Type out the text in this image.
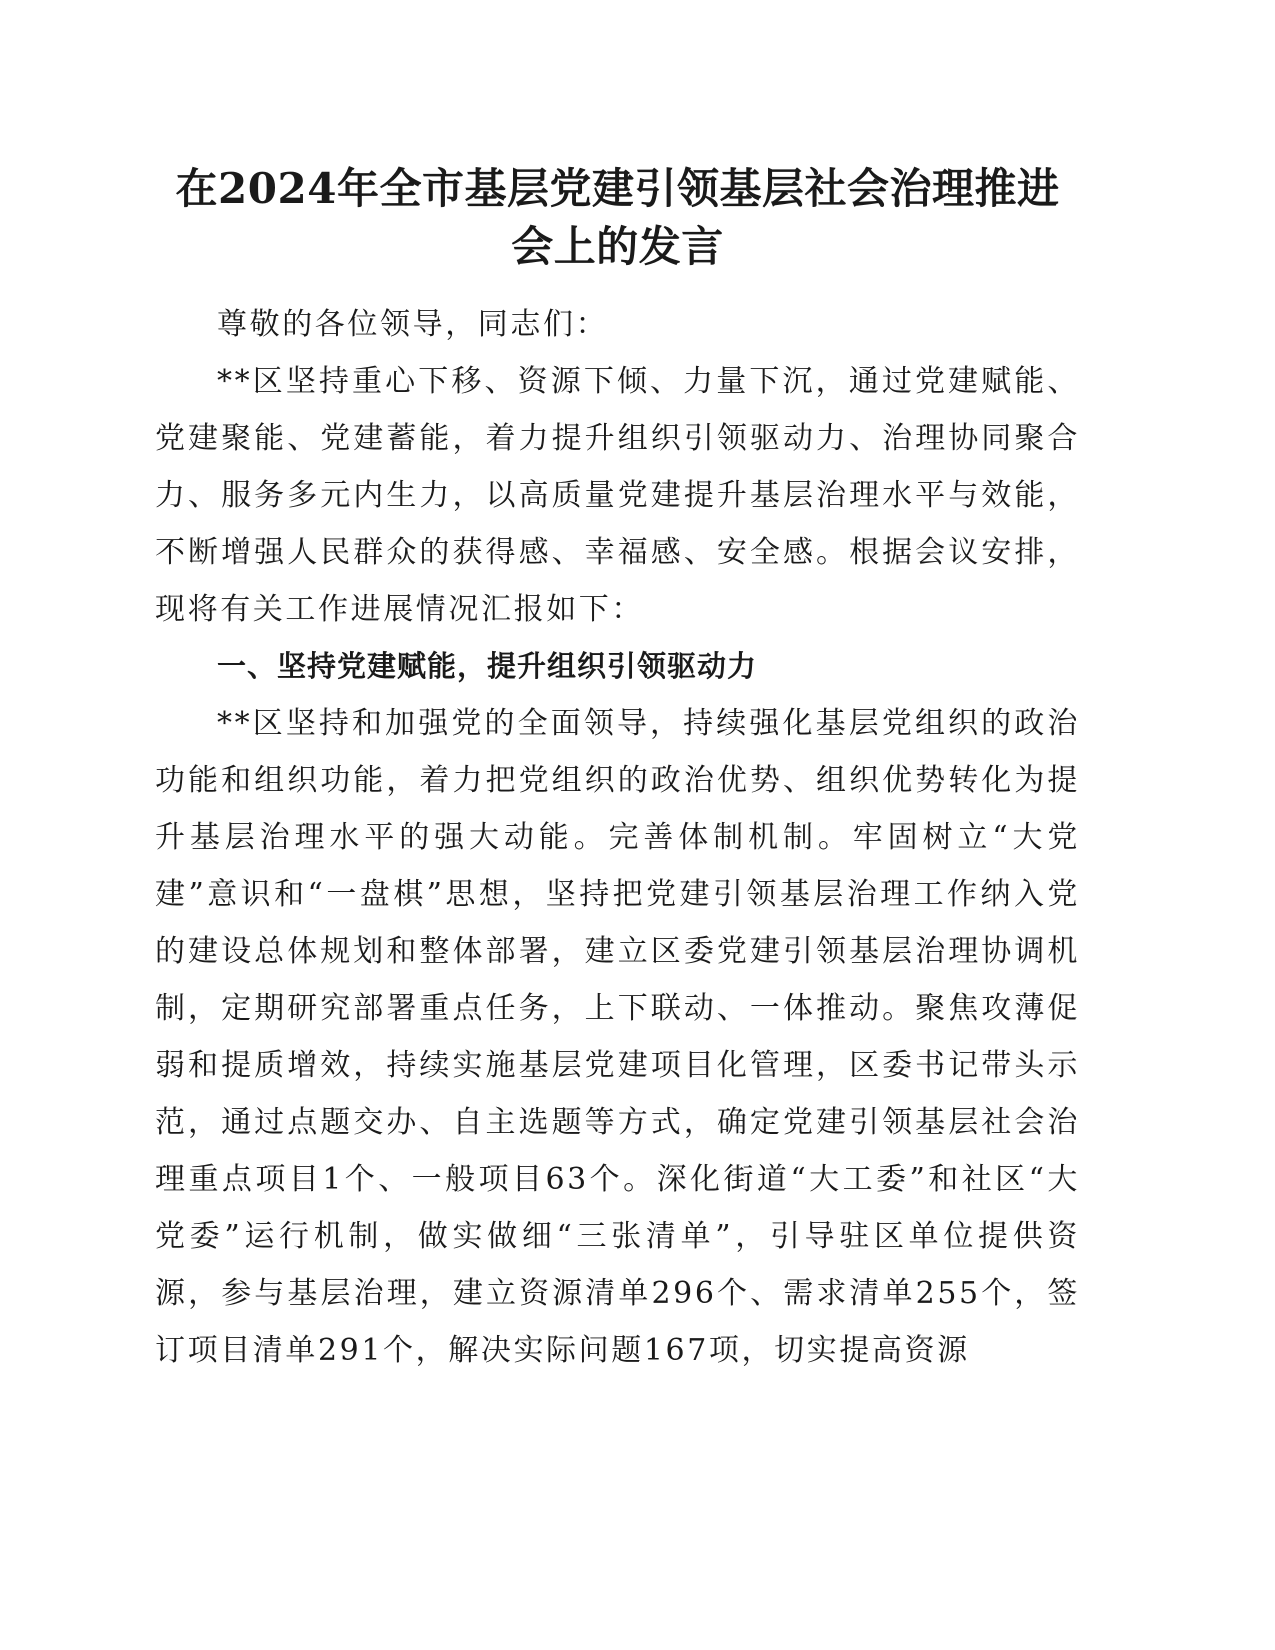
在2024年全市基层党建引领基层社会治理推进
会上的发言

尊敬的各位领导，同志们：

**区坚持重心下移、资源下倾、力量下沉，通过党建赋能、党建聚能、党建蓄能，着力提升组织引领驱动力、治理协同聚合力、服务多元内生力，以高质量党建提升基层治理水平与效能，不断增强人民群众的获得感、幸福感、安全感。根据会议安排，现将有关工作进展情况汇报如下：

一、坚持党建赋能，提升组织引领驱动力

**区坚持和加强党的全面领导，持续强化基层党组织的政治功能和组织功能，着力把党组织的政治优势、组织优势转化为提升基层治理水平的强大动能。完善体制机制。牢固树立“大党建”意识和“一盘棋”思想，坚持把党建引领基层治理工作纳入党的建设总体规划和整体部署，建立区委党建引领基层治理协调机制，定期研究部署重点任务，上下联动、一体推动。聚焦攻薄促弱和提质增效，持续实施基层党建项目化管理，区委书记带头示范，通过点题交办、自主选题等方式，确定党建引领基层社会治理重点项目1个、一般项目63个。深化街道“大工委”和社区“大党委”运行机制，做实做细“三张清单”，引导驻区单位提供资源，参与基层治理，建立资源清单296个、需求清单255个，签订项目清单291个，解决实际问题167项，切实提高资源
